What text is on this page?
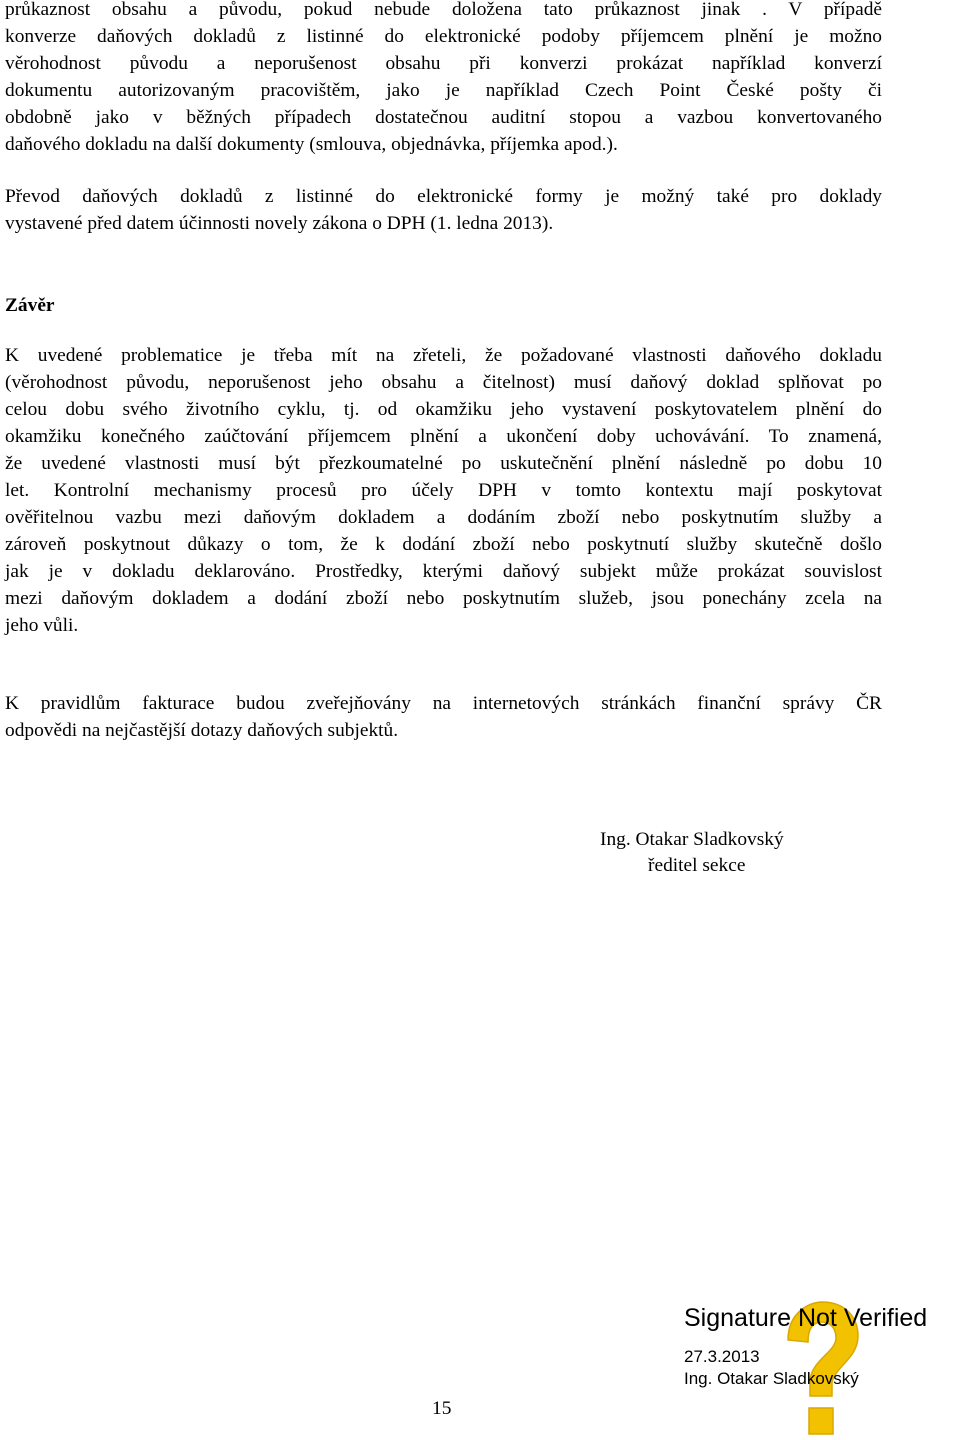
průkaznost obsahu a původu, pokud nebude doložena tato průkaznost jinak . V případě
konverze daňových dokladů z listinné do elektronické podoby příjemcem plnění je možno
věrohodnost původu a neporušenost obsahu při konverzi prokázat například konverzí
dokumentu autorizovaným pracovištěm, jako je například Czech Point České pošty či
obdobně jako v běžných případech dostatečnou auditní stopou a vazbou konvertovaného
daňového dokladu na další dokumenty (smlouva, objednávka, příjemka apod.).
Převod daňových dokladů z listinné do elektronické formy je možný také pro doklady
vystavené před datem účinnosti novely zákona o DPH (1. ledna 2013).
Závěr
K uvedené problematice je třeba mít na zřeteli, že požadované vlastnosti daňového dokladu
(věrohodnost původu, neporušenost jeho obsahu a čitelnost) musí daňový doklad splňovat po
celou dobu svého životního cyklu, tj. od okamžiku jeho vystavení poskytovatelem plnění do
okamžiku konečného zaúčtování příjemcem plnění a ukončení doby uchovávání. To znamená,
že uvedené vlastnosti musí být přezkoumatelné po uskutečnění plnění následně po dobu 10
let. Kontrolní mechanismy procesů pro účely DPH v tomto kontextu mají poskytovat
ověřitelnou vazbu mezi daňovým dokladem a dodáním zboží nebo poskytnutím služby a
zároveň poskytnout důkazy o tom, že k dodání zboží nebo poskytnutí služby skutečně došlo
jak je v dokladu deklarováno. Prostředky, kterými daňový subjekt může prokázat souvislost
mezi daňovým dokladem a dodání zboží nebo poskytnutím služeb, jsou ponechány zcela na
jeho vůli.
K pravidlům fakturace budou zveřejňovány na internetových stránkách finanční správy ČR
odpovědi na nejčastější dotazy daňových subjektů.
Ing. Otakar Sladkovský
ředitel sekce
15
Signature Not Verified
27.3.2013
Ing. Otakar Sladkovský
